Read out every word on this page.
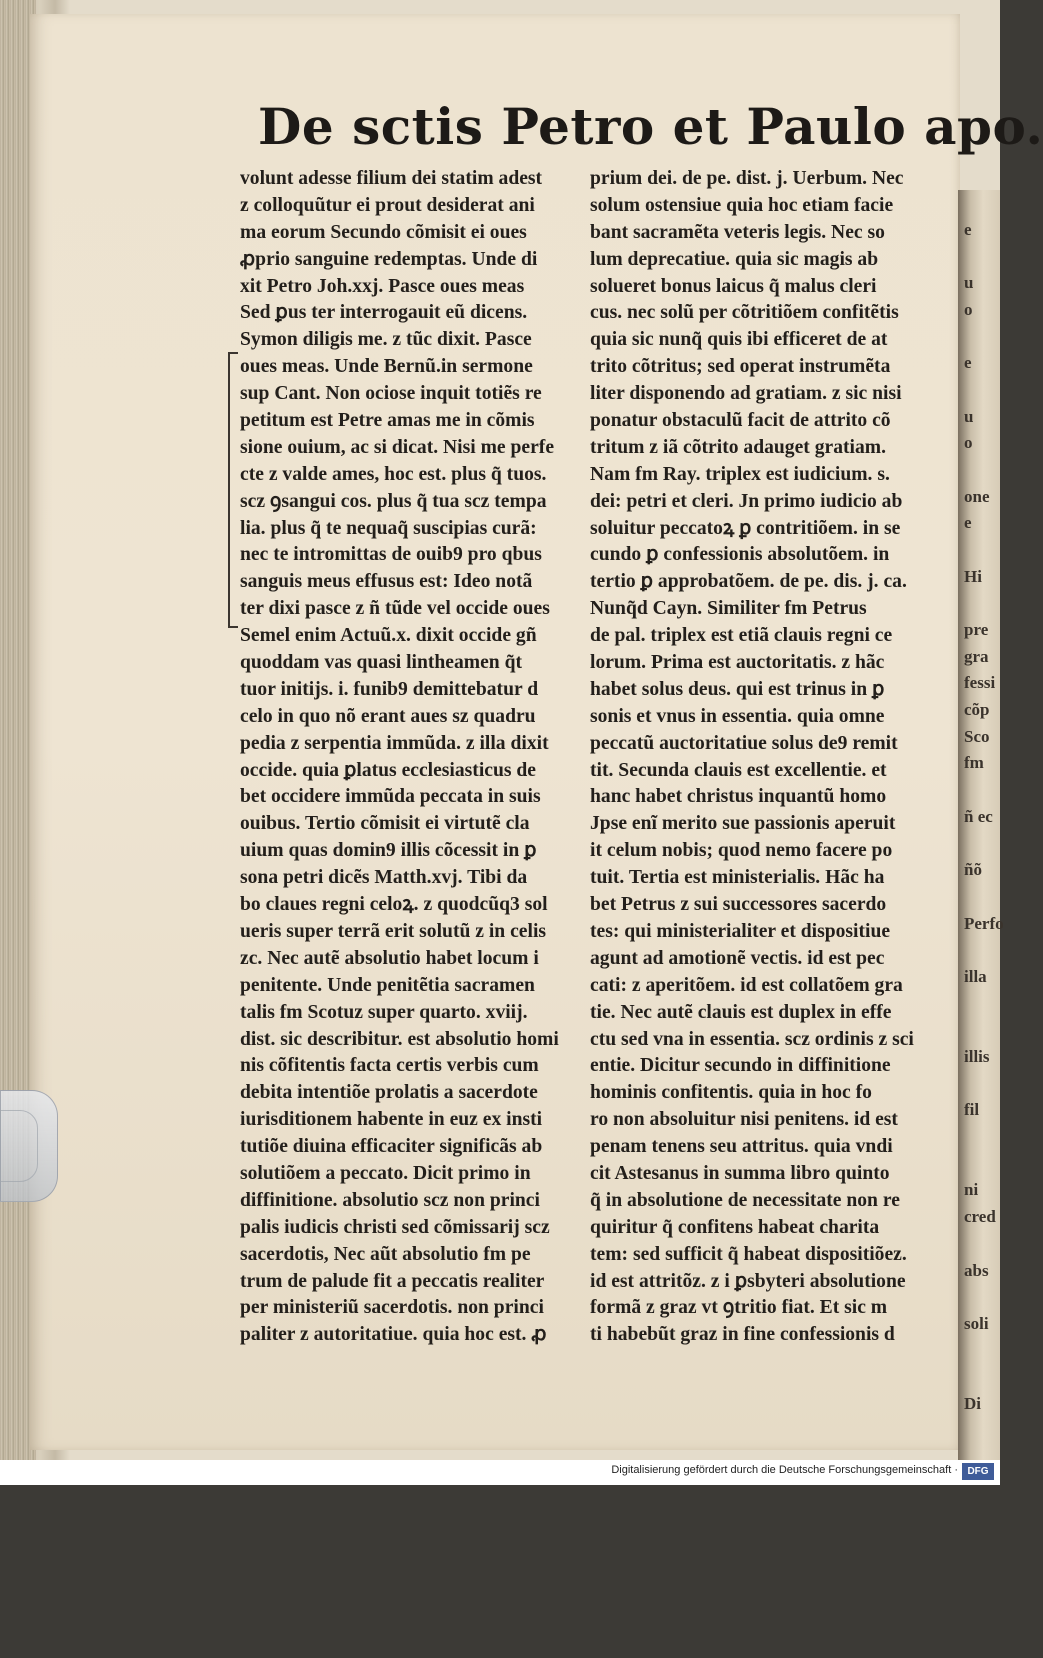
De sctis Petro et Paulo apo.
volunt adesse filium dei statim adest
z colloquũtur ei prout desiderat ani
ma eorum Secundo cõmisit ei oues
ꝓprio sanguine redemptas. Unde di
xit Petro Joh.xxj. Pasce oues meas
Sed ꝑus ter interrogauit eũ dicens.
Symon diligis me. z tũc dixit. Pasce
oues meas. Unde Bernũ.in sermone
sup Cant. Non ociose inquit totiẽs re
petitum est Petre amas me in cõmis
sione ouium, ac si dicat. Nisi me perfe
cte z valde ames, hoc est. plus q̃ tuos.
scz ꝯsangui cos. plus q̃ tua scz tempa
lia. plus q̃ te nequaq̃ suscipias curã:
nec te intromittas de ouib9 pro qbus
sanguis meus effusus est: Ideo notã
ter dixi pasce z ñ tũde vel occide oues
Semel enim Actuũ.x. dixit occide gñ
quoddam vas quasi lintheamen q̃t
tuor initijs. i. funib9 demittebatur d
celo in quo nõ erant aues sz quadru
pedia z serpentia immũda. z illa dixit
occide. quia ꝑlatus ecclesiasticus de
bet occidere immũda peccata in suis
ouibus. Tertio cõmisit ei virtutẽ cla
uium quas domin9 illis cõcessit in ꝑ
sona petri dicẽs Matth.xvj. Tibi da
bo claues regni celoꝝ. z quodcũq3 sol
ueris super terrã erit solutũ z in celis
zc. Nec autẽ absolutio habet locum i
penitente. Unde penitẽtia sacramen
talis fm Scotuz super quarto. xviij.
dist. sic describitur. est absolutio homi
nis cõfitentis facta certis verbis cum
debita intentiõe prolatis a sacerdote
iurisditionem habente in euz ex insti
tutiõe diuina efficaciter significãs ab
solutiõem a peccato. Dicit primo in
diffinitione. absolutio scz non princi
palis iudicis christi sed cõmissarij scz
sacerdotis, Nec aũt absolutio fm pe
trum de palude fit a peccatis realiter
per ministeriũ sacerdotis. non princi
paliter z autoritatiue. quia hoc est. ꝓ
prium dei. de pe. dist. j. Uerbum. Nec
solum ostensiue quia hoc etiam facie
bant sacramẽta veteris legis. Nec so
lum deprecatiue. quia sic magis ab
solueret bonus laicus q̃ malus cleri
cus. nec solũ per cõtritiõem confitẽtis
quia sic nunq̃ quis ibi efficeret de at
trito cõtritus; sed operat instrumẽta
liter disponendo ad gratiam. z sic nisi
ponatur obstaculũ facit de attrito cõ
tritum z iã cõtrito adauget gratiam.
Nam fm Ray. triplex est iudicium. s.
dei: petri et cleri. Jn primo iudicio ab
soluitur peccatoꝝ ꝑ contritiõem. in se
cundo ꝑ confessionis absolutõem. in
tertio ꝑ approbatõem. de pe. dis. j. ca.
Nunq̃d Cayn. Similiter fm Petrus
de pal. triplex est etiã clauis regni ce
lorum. Prima est auctoritatis. z hãc
habet solus deus. qui est trinus in ꝑ
sonis et vnus in essentia. quia omne
peccatũ auctoritatiue solus de9 remit
tit. Secunda clauis est excellentie. et
hanc habet christus inquantũ homo
Jpse enĩ merito sue passionis aperuit
it celum nobis; quod nemo facere po
tuit. Tertia est ministerialis. Hãc ha
bet Petrus z sui successores sacerdo
tes: qui ministerialiter et dispositiue
agunt ad amotionẽ vectis. id est pec
cati: z aperitõem. id est collatõem gra
tie. Nec autẽ clauis est duplex in effe
ctu sed vna in essentia. scz ordinis z sci
entie. Dicitur secundo in diffinitione
hominis confitentis. quia in hoc fo
ro non absoluitur nisi penitens. id est
penam tenens seu attritus. quia vndi
cit Astesanus in summa libro quinto
q̃ in absolutione de necessitate non re
quiritur q̃ confitens habeat charita
tem: sed sufficit q̃ habeat dispositiõez.
id est attritõz. z i ꝑsbyteri absolutione
formã z graz vt ꝯtritio fiat. Et sic m
ti habebũt graz in fine confessionis d
e
u
o
e
u
o
one
e
Hi
pre
gra
fessi
cõp
Sco
fm
ñ ec
ñõ
Perfo
illa
illis
fil
ni
cred
abs
soli
Di
Digitalisierung gefördert durch die Deutsche Forschungsgemeinschaft · DFG
